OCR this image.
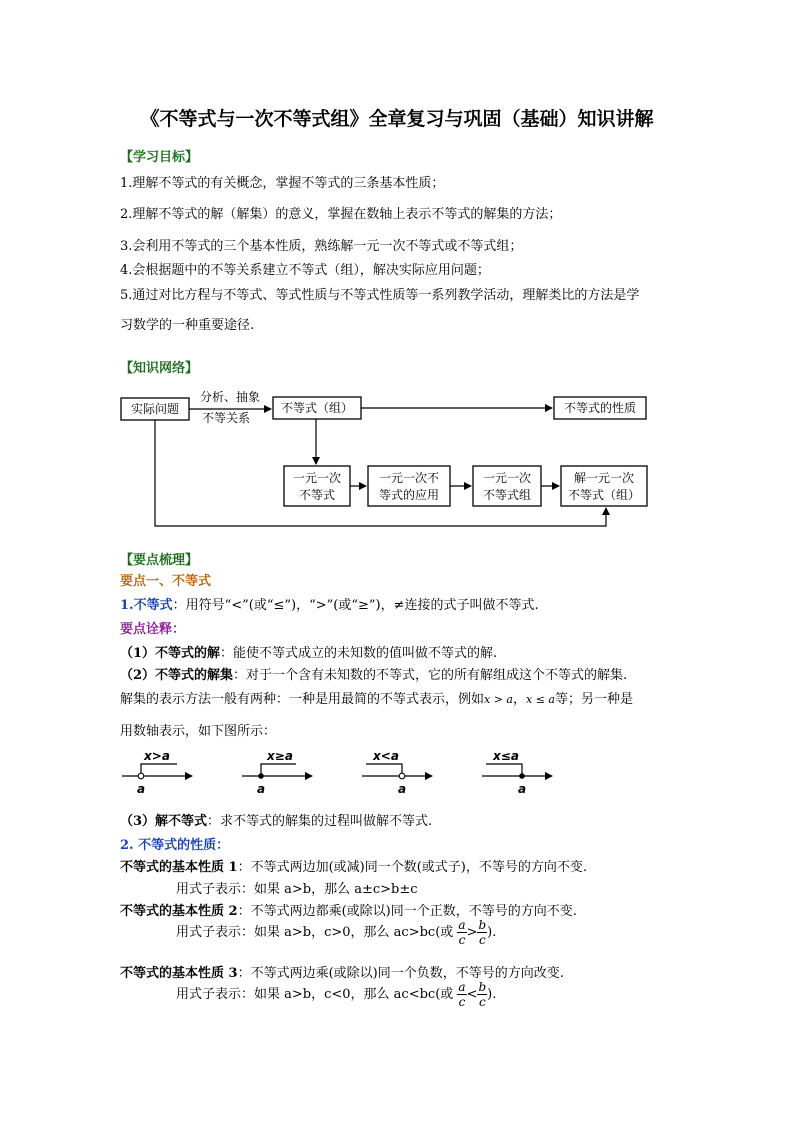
《不等式与一次不等式组》全章复习与巩固（基础）知识讲解
【学习目标】
1.理解不等式的有关概念，掌握不等式的三条基本性质；
2.理解不等式的解（解集）的意义，掌握在数轴上表示不等式的解集的方法；
3.会利用不等式的三个基本性质，熟练解一元一次不等式或不等式组；
4.会根据题中的不等关系建立不等式（组），解决实际应用问题；
5.通过对比方程与不等式、等式性质与不等式性质等一系列教学活动，理解类比的方法是学
习数学的一种重要途径.
【知识网络】
实际问题
分析、抽象
不等关系
不等式（组）	不等式的性质
一元一次
不等式
一元一次不
等式的应用
一元一次
不等式组
解一元一次
不等式（组）
【要点梳理】
要点一、不等式
1.不等式：用符号“<”(或“≤”)，“>”(或“≥”)，≠连接的式子叫做不等式.
要点诠释：
（1）不等式的解：能使不等式成立的未知数的值叫做不等式的解.
（2）不等式的解集：对于一个含有未知数的不等式，它的所有解组成这个不等式的解集.
解集的表示方法一般有两种：一种是用最简的不等式表示，例如x > a，x ≤ a等；另一种是
用数轴表示，如下图所示：
x>a	x≥a	x<a	x≤a
a	a	a	a
（3）解不等式：求不等式的解集的过程叫做解不等式.
2. 不等式的性质：
不等式的基本性质 1：不等式两边加(或减)同一个数(或式子)，不等号的方向不变.
用式子表示：如果 a>b，那么 a±c>b±c
不等式的基本性质 2：不等式两边都乘(或除以)同一个正数，不等号的方向不变.
用式子表示：如果 a>b，c>0，那么 ac>bc(或 $\frac{a}{c} > \frac{b}{c}$ ).
不等式的基本性质 3：不等式两边乘(或除以)同一个负数，不等号的方向改变.
用式子表示：如果 a>b，c<0，那么 ac<bc(或 $\frac{a}{c} < \frac{b}{c}$ ).
